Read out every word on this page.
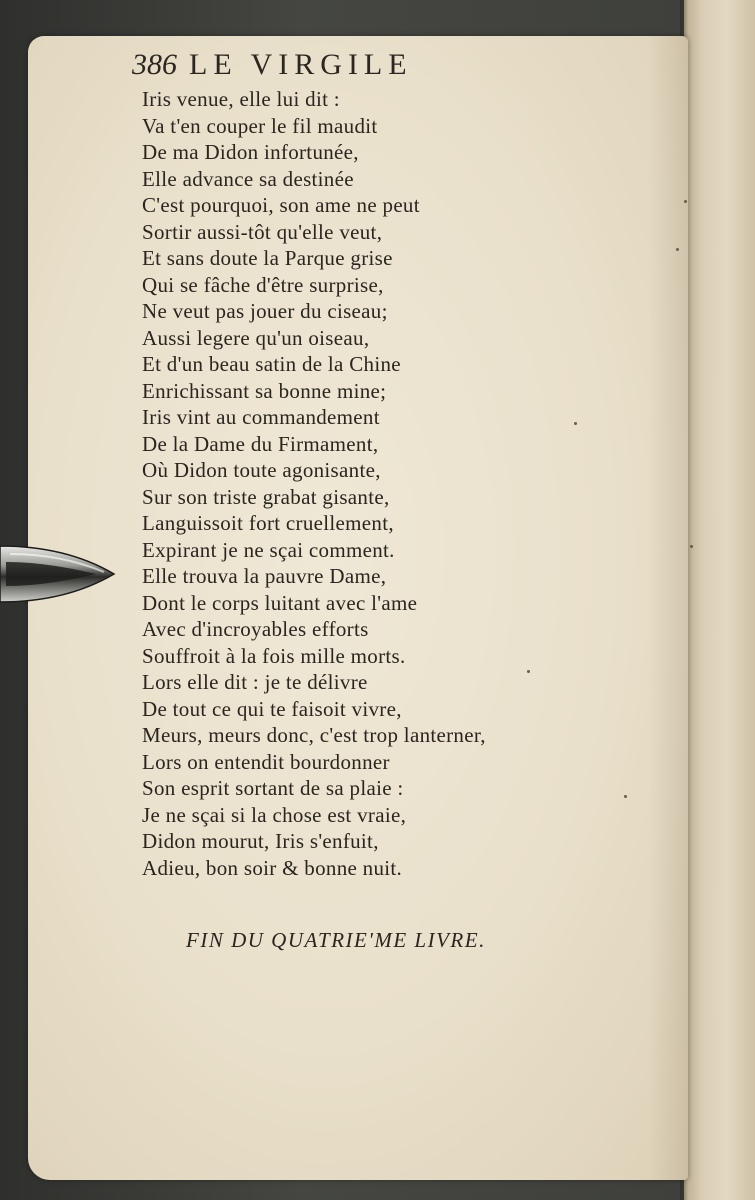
386 LE VIRGILE
Iris venue, elle lui dit :
Va t'en couper le fil maudit
De ma Didon infortunée,
Elle advance sa destinée
C'est pourquoi, son ame ne peut
Sortir aussi-tôt qu'elle veut,
Et sans doute la Parque grise
Qui se fâche d'être surprise,
Ne veut pas jouer du ciseau;
Aussi legere qu'un oiseau,
Et d'un beau satin de la Chine
Enrichissant sa bonne mine;
Iris vint au commandement
De la Dame du Firmament,
Où Didon toute agonisante,
Sur son triste grabat gisante,
Languissoit fort cruellement,
Expirant je ne sçai comment.
Elle trouva la pauvre Dame,
Dont le corps luitant avec l'ame
Avec d'incroyables efforts
Souffroit à la fois mille morts.
Lors elle dit : je te délivre
De tout ce qui te faisoit vivre,
Meurs, meurs donc, c'est trop lanterner,
Lors on entendit bourdonner
Son esprit sortant de sa plaie :
Je ne sçai si la chose est vraie,
Didon mourut, Iris s'enfuit,
Adieu, bon soir & bonne nuit.
FIN DU QUATRIE'ME LIVRE.
